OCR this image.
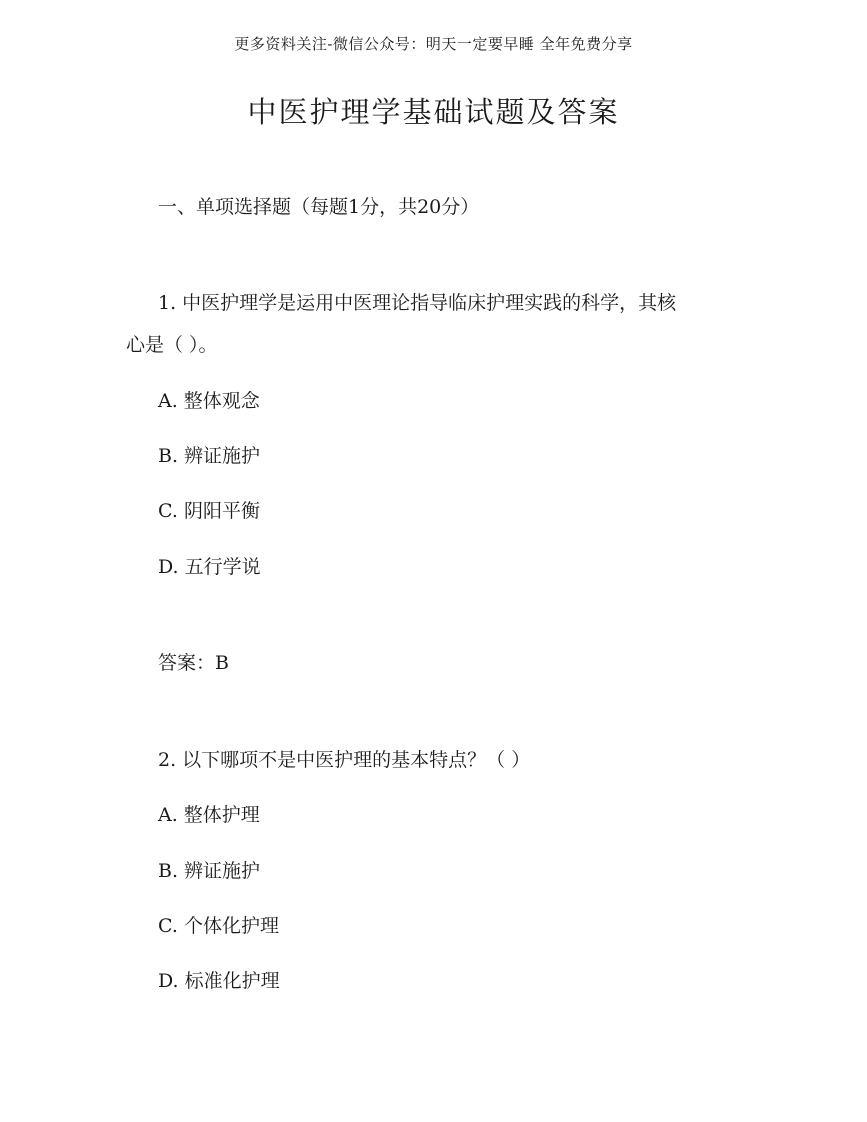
更多资料关注-微信公众号：明天一定要早睡 全年免费分享
中医护理学基础试题及答案
一、单项选择题（每题1分，共20分）
1. 中医护理学是运用中医理论指导临床护理实践的科学，其核
心是（ ）。
A. 整体观念
B. 辨证施护
C. 阴阳平衡
D. 五行学说
答案：B
2. 以下哪项不是中医护理的基本特点？（ ）
A. 整体护理
B. 辨证施护
C. 个体化护理
D. 标准化护理
